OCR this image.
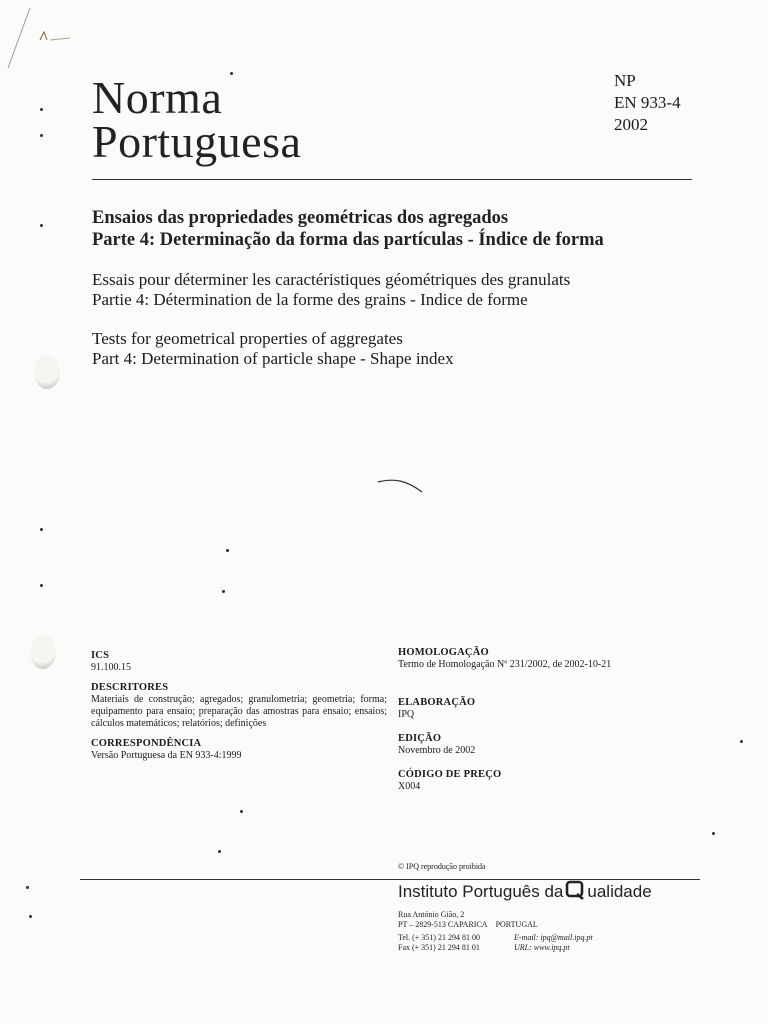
Norma
Portuguesa
NP
EN 933-4
2002
Ensaios das propriedades geométricas dos agregados
Parte 4: Determinação da forma das partículas - Índice de forma
Essais pour déterminer les caractéristiques géométriques des granulats
Partie 4: Détermination de la forme des grains - Indice de forme
Tests for geometrical properties of aggregates
Part 4: Determination of particle shape - Shape index
ICS
91.100.15
DESCRITORES
Materiais de construção; agregados; granulometria; geometria; forma; equipamento para ensaio; preparação das amostras para ensaio; ensaios; cálculos matemáticos; relatórios; definições
CORRESPONDÊNCIA
Versão Portuguesa da EN 933-4:1999
HOMOLOGAÇÃO
Termo de Homologação Nº 231/2002, de 2002-10-21
ELABORAÇÃO
IPQ
EDIÇÃO
Novembro de 2002
CÓDIGO DE PREÇO
X004
© IPQ reprodução proibida
Instituto Português da ualidade
Rua António Gião, 2
PT – 2829-513 CAPARICA PORTUGAL
Tel. (+ 351) 21 294 81 00
Fax (+ 351) 21 294 81 01
E-mail: ipq@mail.ipq.pt
URL: www.ipq.pt
